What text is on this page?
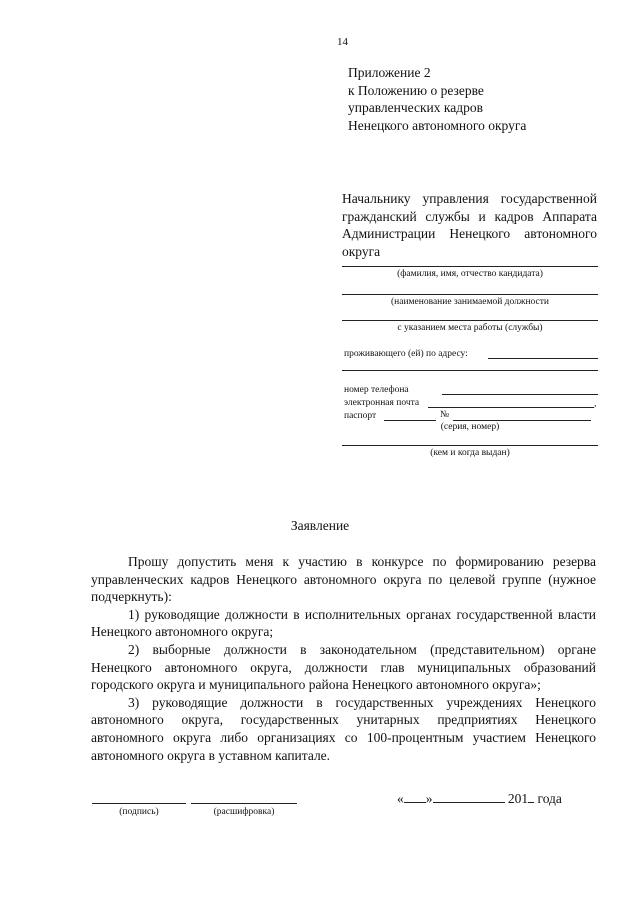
14
Приложение 2
к Положению о резерве
управленческих кадров
Ненецкого автономного округа
Начальнику управления государственной гражданский службы и кадров Аппарата Администрации Ненецкого автономного округа
(фамилия, имя, отчество кандидата)
(наименование занимаемой должности
с указанием места работы (службы)
проживающего (ей) по адресу:
номер телефона
электронная почта	,
паспорт	№
(серия, номер)
(кем и когда выдан)
Заявление

Прошу допустить меня к участию в конкурсе по формированию резерва управленческих кадров Ненецкого автономного округа по целевой группе (нужное подчеркнуть):

1) руководящие должности в исполнительных органах государственной власти Ненецкого автономного округа;

2) выборные должности в законодательном (представительном) органе Ненецкого автономного округа, должности глав муниципальных образований городского округа и муниципального района Ненецкого автономного округа»;

3) руководящие должности в государственных учреждениях Ненецкого автономного округа, государственных унитарных предприятиях Ненецкого автономного округа либо организациях со 100-процентным участием Ненецкого автономного округа в уставном капитале.

(подпись)	(расшифровка)
« »	201 года
